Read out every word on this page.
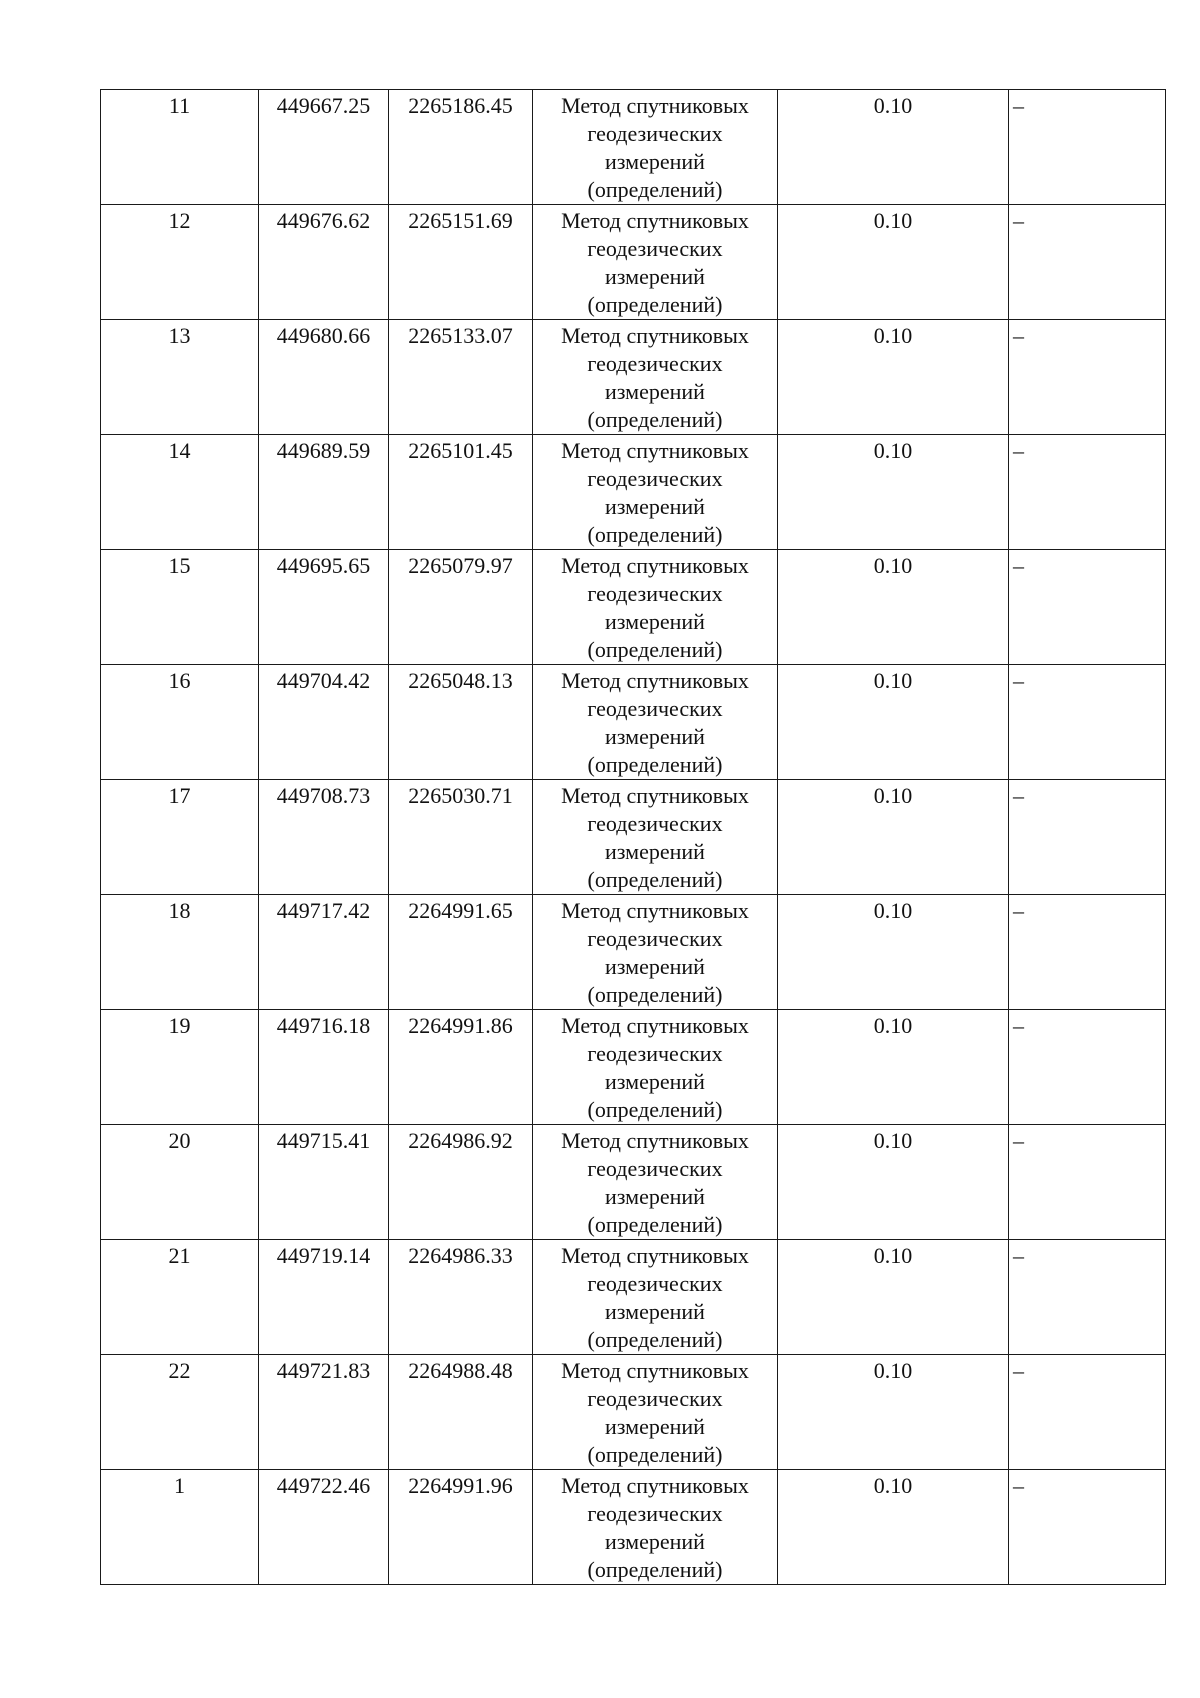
11	449667.25	2265186.45	Метод спутниковых
геодезических
измерений
(определений)	0.10	–
12	449676.62	2265151.69	Метод спутниковых
геодезических
измерений
(определений)	0.10	–
13	449680.66	2265133.07	Метод спутниковых
геодезических
измерений
(определений)	0.10	–
14	449689.59	2265101.45	Метод спутниковых
геодезических
измерений
(определений)	0.10	–
15	449695.65	2265079.97	Метод спутниковых
геодезических
измерений
(определений)	0.10	–
16	449704.42	2265048.13	Метод спутниковых
геодезических
измерений
(определений)	0.10	–
17	449708.73	2265030.71	Метод спутниковых
геодезических
измерений
(определений)	0.10	–
18	449717.42	2264991.65	Метод спутниковых
геодезических
измерений
(определений)	0.10	–
19	449716.18	2264991.86	Метод спутниковых
геодезических
измерений
(определений)	0.10	–
20	449715.41	2264986.92	Метод спутниковых
геодезических
измерений
(определений)	0.10	–
21	449719.14	2264986.33	Метод спутниковых
геодезических
измерений
(определений)	0.10	–
22	449721.83	2264988.48	Метод спутниковых
геодезических
измерений
(определений)	0.10	–
1	449722.46	2264991.96	Метод спутниковых
геодезических
измерений
(определений)	0.10	–
